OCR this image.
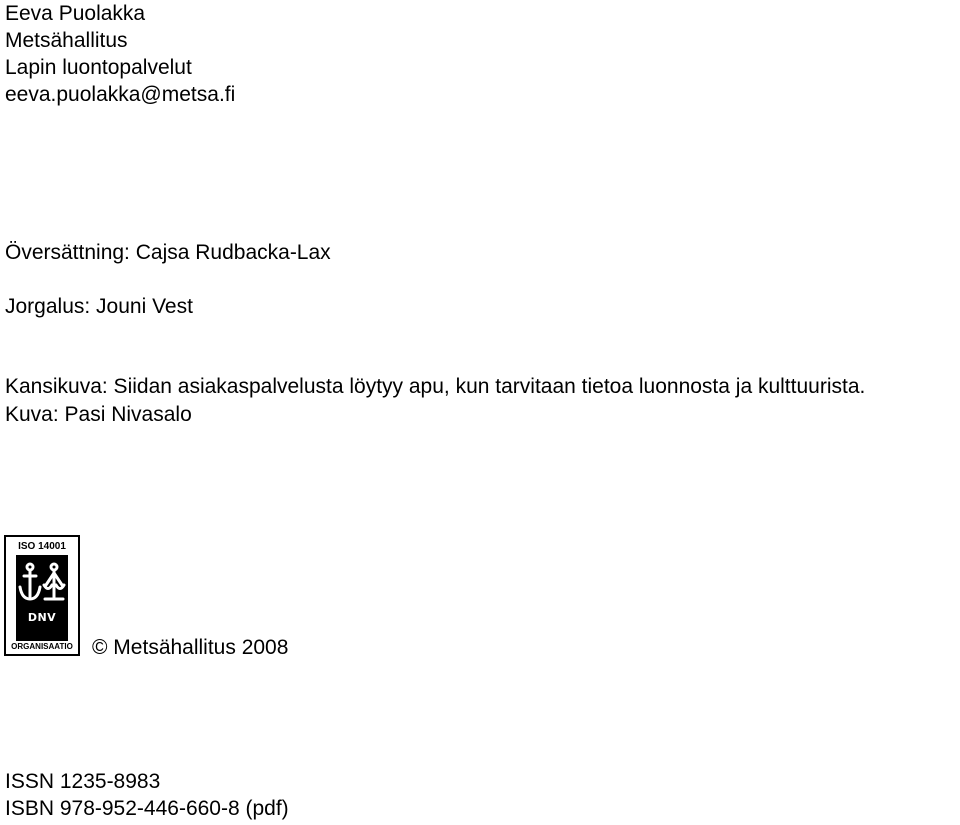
Eeva Puolakka
Metsähallitus
Lapin luontopalvelut
eeva.puolakka@metsa.fi
Översättning: Cajsa Rudbacka-Lax
Jorgalus: Jouni Vest
Kansikuva: Siidan asiakaspalvelusta löytyy apu, kun tarvitaan tietoa luonnosta ja kulttuurista.
Kuva: Pasi Nivasalo
ISO 14001
DNV
SERTIFIOITU
ORGANISAATIO © Metsähallitus 2008
ISSN 1235-8983
ISBN 978-952-446-660-8 (pdf)
